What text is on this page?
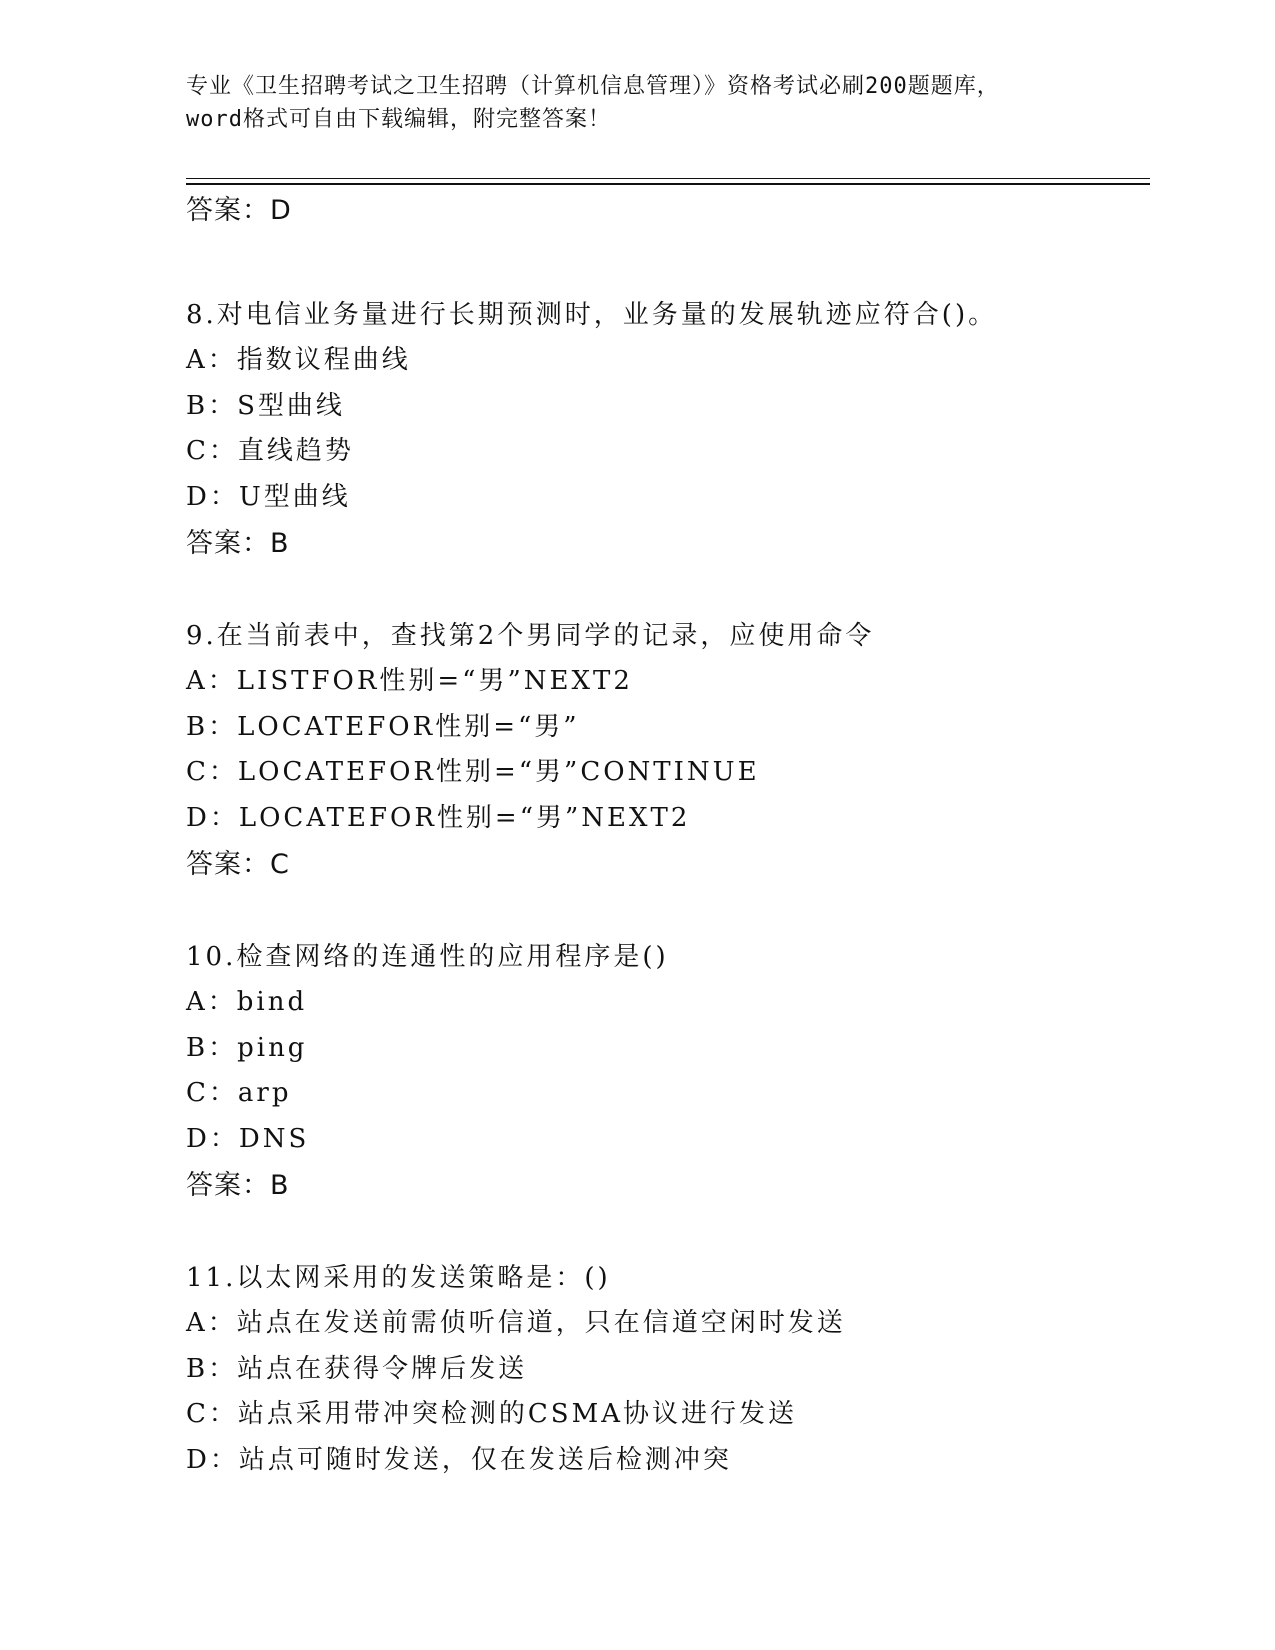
专业《卫生招聘考试之卫生招聘（计算机信息管理）》资格考试必刷200题题库，
word格式可自由下载编辑，附完整答案！
答案：D
8.对电信业务量进行长期预测时，业务量的发展轨迹应符合()。
A：指数议程曲线
B：S型曲线
C：直线趋势
D：U型曲线
答案：B
9.在当前表中，查找第2个男同学的记录，应使用命令
A：LISTFOR性别=“男”NEXT2
B：LOCATEFOR性别=“男”
C：LOCATEFOR性别=“男”CONTINUE
D：LOCATEFOR性别=“男”NEXT2
答案：C
10.检查网络的连通性的应用程序是()
A：bind
B：ping
C：arp
D：DNS
答案：B
11.以太网采用的发送策略是：()
A：站点在发送前需侦听信道，只在信道空闲时发送
B：站点在获得令牌后发送
C：站点采用带冲突检测的CSMA协议进行发送
D：站点可随时发送，仅在发送后检测冲突
